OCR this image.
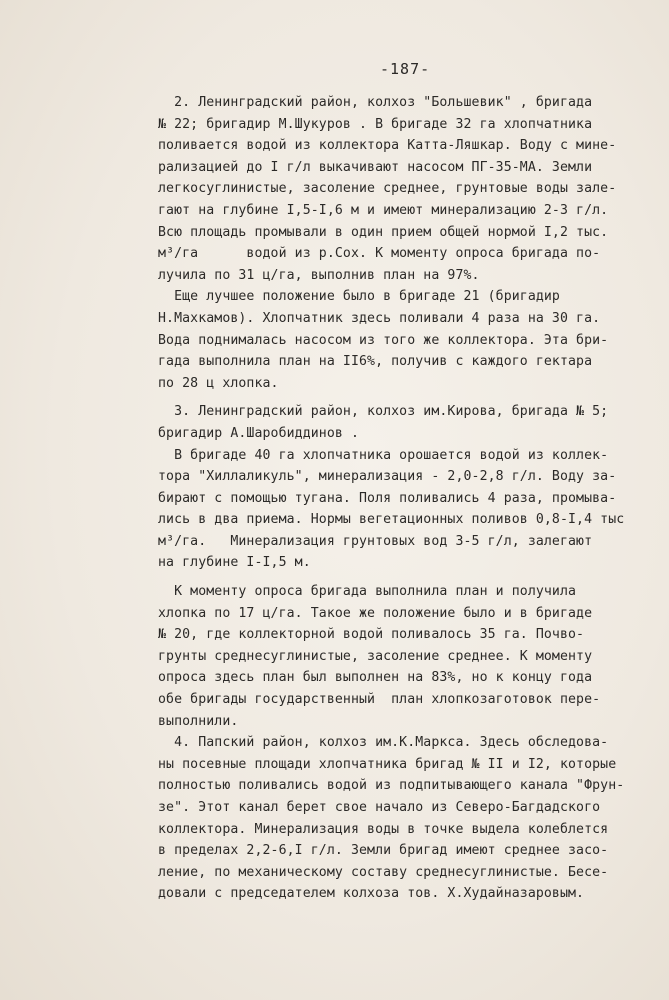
-187-
2. Ленинградский район, колхоз "Большевик" , бригада
№ 22; бригадир М.Шукуров . В бригаде 32 га хлопчатника
поливается водой из коллектора Катта-Ляшкар. Воду с мине-
рализацией до I г/л выкачивают насосом ПГ-35-МА. Земли
легкосуглинистые, засоление среднее, грунтовые воды зале-
гают на глубине I,5-I,6 м и имеют минерализацию 2-3 г/л.
Всю площадь промывали в один прием общей нормой I,2 тыс.
м³/га      водой из р.Сох. К моменту опроса бригада по-
лучила по 31 ц/га, выполнив план на 97%.
Еще лучшее положение было в бригаде 21 (бригадир
Н.Махкамов). Хлопчатник здесь поливали 4 раза на 30 га.
Вода поднималась насосом из того же коллектора. Эта бри-
гада выполнила план на II6%, получив с каждого гектара
по 28 ц хлопка.
3. Ленинградский район, колхоз им.Кирова, бригада № 5;
бригадир А.Шаробиддинов .
В бригаде 40 га хлопчатника орошается водой из коллек-
тора "Хиллаликуль", минерализация - 2,0-2,8 г/л. Воду за-
бирают с помощью тугана. Поля поливались 4 раза, промыва-
лись в два приема. Нормы вегетационных поливов 0,8-I,4 тыс
м³/га.   Минерализация грунтовых вод 3-5 г/л, залегают
на глубине I-I,5 м.
К моменту опроса бригада выполнила план и получила
хлопка по 17 ц/га. Такое же положение было и в бригаде
№ 20, где коллекторной водой поливалось 35 га. Почво-
грунты среднесуглинистые, засоление среднее. К моменту
опроса здесь план был выполнен на 83%, но к концу года
обе бригады государственный  план хлопкозаготовок пере-
выполнили.
4. Папский район, колхоз им.К.Маркса. Здесь обследова-
ны посевные площади хлопчатника бригад № II и I2, которые
полностью поливались водой из подпитывающего канала "Фрун-
зе". Этот канал берет свое начало из Северо-Багдадского
коллектора. Минерализация воды в точке выдела колеблется
в пределах 2,2-6,I г/л. Земли бригад имеют среднее засо-
ление, по механическому составу среднесуглинистые. Бесе-
довали с председателем колхоза тов. Х.Худайназаровым.
